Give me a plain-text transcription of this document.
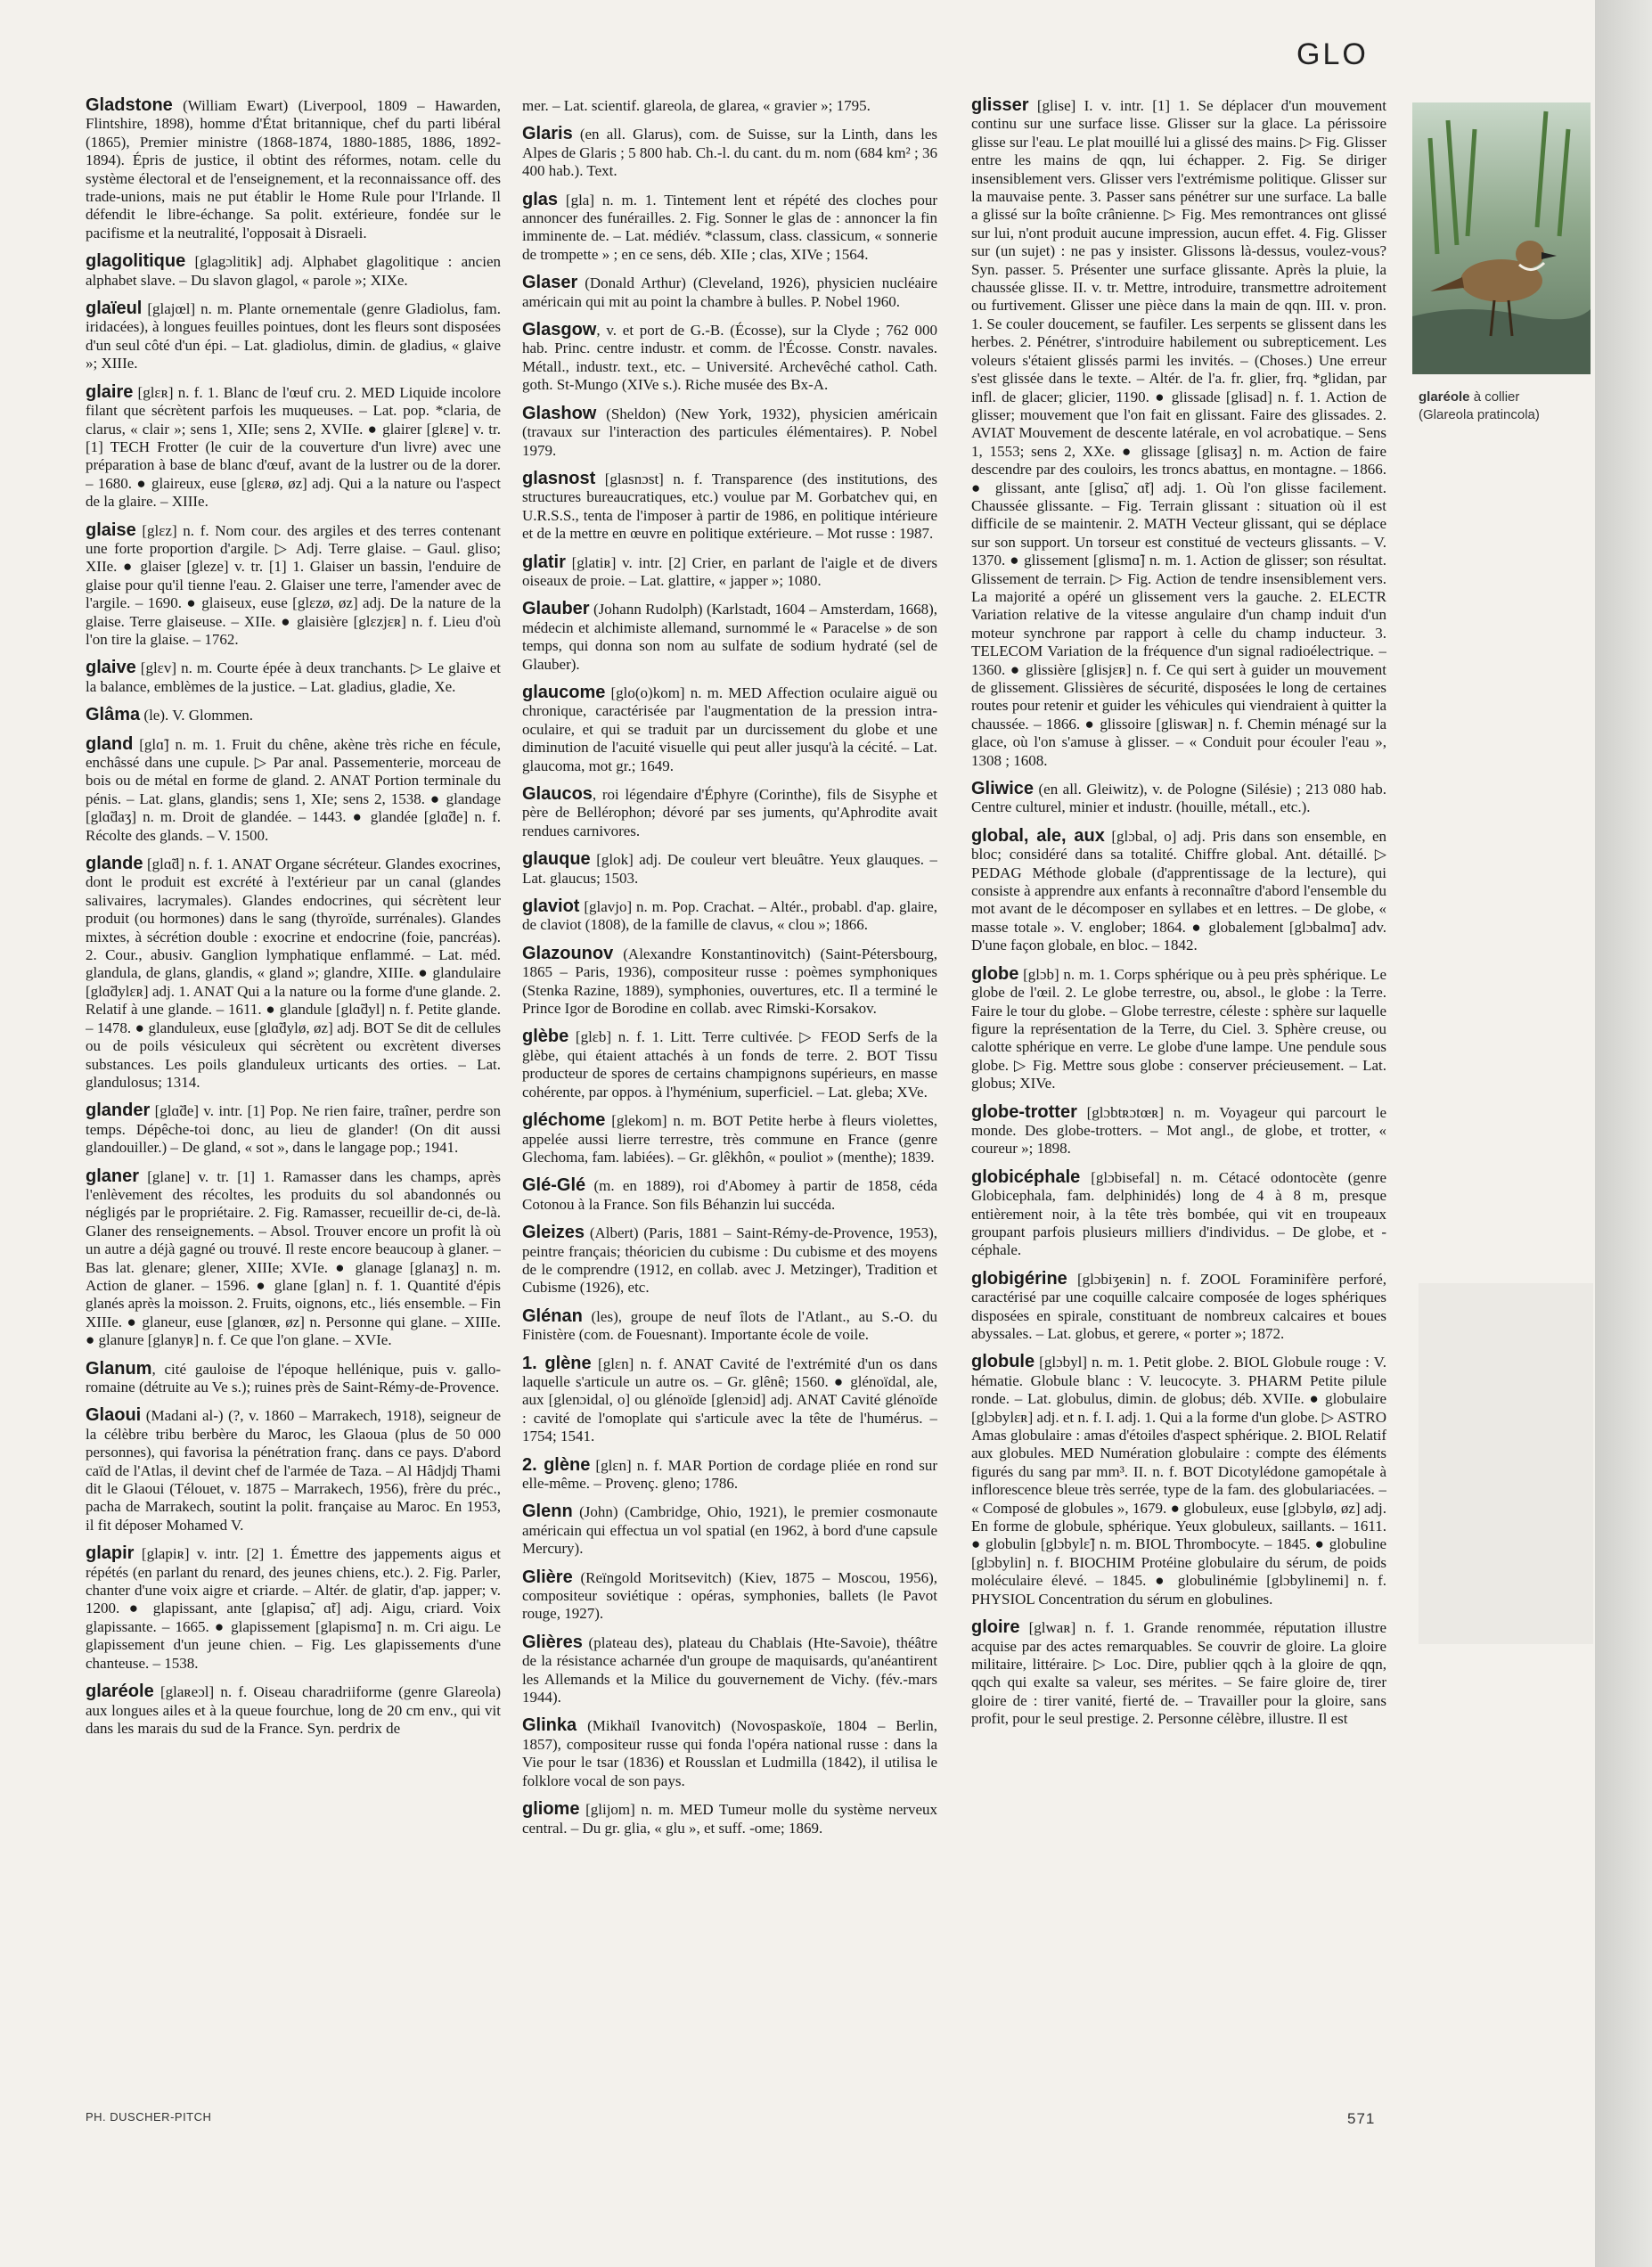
GLO

Gladstone (William Ewart) (Liverpool, 1809 – Hawarden, Flintshire, 1898), homme d'État britannique, chef du parti libéral (1865), Premier ministre (1868-1874, 1880-1885, 1886, 1892-1894). Épris de justice, il obtint des réformes, notam. celle du système électoral et de l'enseignement, et la reconnaissance off. des trade-unions, mais ne put établir le Home Rule pour l'Irlande. Il défendit le libre-échange. Sa polit. extérieure, fondée sur le pacifisme et la neutralité, l'opposait à Disraeli.

glagolitique [glagɔlitik] adj. Alphabet glagolitique : ancien alphabet slave. – Du slavon glagol, « parole »; XIXe.

glaïeul [glajœl] n. m. Plante ornementale (genre Gladiolus, fam. iridacées), à longues feuilles pointues, dont les fleurs sont disposées d'un seul côté d'un épi. – Lat. gladiolus, dimin. de gladius, « glaive »; XIIIe.

glaire [glɛʀ] n. f. 1. Blanc de l'œuf cru. 2. MED Liquide incolore filant que sécrètent parfois les muqueuses. – Lat. pop. *claria, de clarus, « clair »; sens 1, XIIe; sens 2, XVIIe. ● glairer [glɛʀe] v. tr. [1] TECH Frotter (le cuir de la couverture d'un livre) avec une préparation à base de blanc d'œuf, avant de la lustrer ou de la dorer. – 1680. ● glaireux, euse [glɛʀø, øz] adj. Qui a la nature ou l'aspect de la glaire. – XIIIe.

glaise [glɛz] n. f. Nom cour. des argiles et des terres contenant une forte proportion d'argile. ▷ Adj. Terre glaise. – Gaul. gliso; XIIe. ● glaiser [gleze] v. tr. [1] 1. Glaiser un bassin, l'enduire de glaise pour qu'il tienne l'eau. 2. Glaiser une terre, l'amender avec de l'argile. – 1690. ● glaiseux, euse [glɛzø, øz] adj. De la nature de la glaise. Terre glaiseuse. – XIIe. ● glaisière [glɛzjɛʀ] n. f. Lieu d'où l'on tire la glaise. – 1762.

glaive [glɛv] n. m. Courte épée à deux tranchants. ▷ Le glaive et la balance, emblèmes de la justice. – Lat. gladius, gladie, Xe.

Glâma (le). V. Glommen.

gland [glɑ̃] n. m. 1. Fruit du chêne, akène très riche en fécule, enchâssé dans une cupule. ▷ Par anal. Passementerie, morceau de bois ou de métal en forme de gland. 2. ANAT Portion terminale du pénis. – Lat. glans, glandis; sens 1, XIe; sens 2, 1538. ● glandage [glɑ̃daʒ] n. m. Droit de glandée. – 1443. ● glandée [glɑ̃de] n. f. Récolte des glands. – V. 1500.

glande [glɑ̃d] n. f. 1. ANAT Organe sécréteur. Glandes exocrines, dont le produit est excrété à l'extérieur par un canal (glandes salivaires, lacrymales). Glandes endocrines, qui sécrètent leur produit (ou hormones) dans le sang (thyroïde, surrénales). Glandes mixtes, à sécrétion double : exocrine et endocrine (foie, pancréas). 2. Cour., abusiv. Ganglion lymphatique enflammé. – Lat. méd. glandula, de glans, glandis, « gland »; glandre, XIIIe. ● glandulaire [glɑ̃dylɛʀ] adj. 1. ANAT Qui a la nature ou la forme d'une glande. 2. Relatif à une glande. – 1611. ● glandule [glɑ̃dyl] n. f. Petite glande. – 1478. ● glanduleux, euse [glɑ̃dylø, øz] adj. BOT Se dit de cellules ou de poils vésiculeux qui sécrètent ou excrètent diverses substances. Les poils glanduleux urticants des orties. – Lat. glandulosus; 1314.

glander [glɑ̃de] v. intr. [1] Pop. Ne rien faire, traîner, perdre son temps. Dépêche-toi donc, au lieu de glander! (On dit aussi glandouiller.) – De gland, « sot », dans le langage pop.; 1941.

glaner [glane] v. tr. [1] 1. Ramasser dans les champs, après l'enlèvement des récoltes, les produits du sol abandonnés ou négligés par le propriétaire. 2. Fig. Ramasser, recueillir de-ci, de-là. Glaner des renseignements. – Absol. Trouver encore un profit là où un autre a déjà gagné ou trouvé. Il reste encore beaucoup à glaner. – Bas lat. glenare; glener, XIIIe; XVIe. ● glanage [glanaʒ] n. m. Action de glaner. – 1596. ● glane [glan] n. f. 1. Quantité d'épis glanés après la moisson. 2. Fruits, oignons, etc., liés ensemble. – Fin XIIIe. ● glaneur, euse [glanœʀ, øz] n. Personne qui glane. – XIIIe. ● glanure [glanyʀ] n. f. Ce que l'on glane. – XVIe.

Glanum, cité gauloise de l'époque hellénique, puis v. gallo-romaine (détruite au Ve s.); ruines près de Saint-Rémy-de-Provence.

Glaoui (Madani al-) (?, v. 1860 – Marrakech, 1918), seigneur de la célèbre tribu berbère du Maroc, les Glaoua (plus de 50 000 personnes), qui favorisa la pénétration franç. dans ce pays. D'abord caïd de l'Atlas, il devint chef de l'armée de Taza. – Al Hâdjdj Thami dit le Glaoui (Télouet, v. 1875 – Marrakech, 1956), frère du préc., pacha de Marrakech, soutint la polit. française au Maroc. En 1953, il fit déposer Mohamed V.

glapir [glapiʀ] v. intr. [2] 1. Émettre des jappements aigus et répétés (en parlant du renard, des jeunes chiens, etc.). 2. Fig. Parler, chanter d'une voix aigre et criarde. – Altér. de glatir, d'ap. japper; v. 1200. ● glapissant, ante [glapisɑ̃, ɑ̃t] adj. Aigu, criard. Voix glapissante. – 1665. ● glapissement [glapismɑ̃] n. m. Cri aigu. Le glapissement d'un jeune chien. – Fig. Les glapissements d'une chanteuse. – 1538.

glaréole [glaʀeɔl] n. f. Oiseau charadriiforme (genre Glareola) aux longues ailes et à la queue fourchue, long de 20 cm env., qui vit dans les marais du sud de la France. Syn. perdrix de

mer. – Lat. scientif. glareola, de glarea, « gravier »; 1795.

Glaris (en all. Glarus), com. de Suisse, sur la Linth, dans les Alpes de Glaris ; 5 800 hab. Ch.-l. du cant. du m. nom (684 km² ; 36 400 hab.). Text.

glas [gla] n. m. 1. Tintement lent et répété des cloches pour annoncer des funérailles. 2. Fig. Sonner le glas de : annoncer la fin imminente de. – Lat. médiév. *classum, class. classicum, « sonnerie de trompette » ; en ce sens, déb. XIIe ; clas, XIVe ; 1564.

Glaser (Donald Arthur) (Cleveland, 1926), physicien nucléaire américain qui mit au point la chambre à bulles. P. Nobel 1960.

Glasgow, v. et port de G.-B. (Écosse), sur la Clyde ; 762 000 hab. Princ. centre industr. et comm. de l'Écosse. Constr. navales. Métall., industr. text., etc. – Université. Archevêché cathol. Cath. goth. St-Mungo (XIVe s.). Riche musée des Bx-A.

Glashow (Sheldon) (New York, 1932), physicien américain (travaux sur l'interaction des particules élémentaires). P. Nobel 1979.

glasnost [glasnɔst] n. f. Transparence (des institutions, des structures bureaucratiques, etc.) voulue par M. Gorbatchev qui, en U.R.S.S., tenta de l'imposer à partir de 1986, en politique intérieure et de la mettre en œuvre en politique extérieure. – Mot russe : 1987.

glatir [glatiʀ] v. intr. [2] Crier, en parlant de l'aigle et de divers oiseaux de proie. – Lat. glattire, « japper »; 1080.

Glauber (Johann Rudolph) (Karlstadt, 1604 – Amsterdam, 1668), médecin et alchimiste allemand, surnommé le « Paracelse » de son temps, qui donna son nom au sulfate de sodium hydraté (sel de Glauber).

glaucome [glo(o)kom] n. m. MED Affection oculaire aiguë ou chronique, caractérisée par l'augmentation de la pression intra-oculaire, et qui se traduit par un durcissement du globe et une diminution de l'acuité visuelle qui peut aller jusqu'à la cécité. – Lat. glaucoma, mot gr.; 1649.

Glaucos, roi légendaire d'Éphyre (Corinthe), fils de Sisyphe et père de Bellérophon; dévoré par ses juments, qu'Aphrodite avait rendues carnivores.

glauque [glok] adj. De couleur vert bleuâtre. Yeux glauques. – Lat. glaucus; 1503.

glaviot [glavjo] n. m. Pop. Crachat. – Altér., probabl. d'ap. glaire, de claviot (1808), de la famille de clavus, « clou »; 1866.

Glazounov (Alexandre Konstantinovitch) (Saint-Pétersbourg, 1865 – Paris, 1936), compositeur russe : poèmes symphoniques (Stenka Razine, 1889), symphonies, ouvertures, etc. Il a terminé le Prince Igor de Borodine en collab. avec Rimski-Korsakov.

glèbe [glɛb] n. f. 1. Litt. Terre cultivée. ▷ FEOD Serfs de la glèbe, qui étaient attachés à un fonds de terre. 2. BOT Tissu producteur de spores de certains champignons supérieurs, en masse cohérente, par oppos. à l'hyménium, superficiel. – Lat. gleba; XVe.

gléchome [glekom] n. m. BOT Petite herbe à fleurs violettes, appelée aussi lierre terrestre, très commune en France (genre Glechoma, fam. labiées). – Gr. glêkhôn, « pouliot » (menthe); 1839.

Glé-Glé (m. en 1889), roi d'Abomey à partir de 1858, céda Cotonou à la France. Son fils Béhanzin lui succéda.

Gleizes (Albert) (Paris, 1881 – Saint-Rémy-de-Provence, 1953), peintre français; théoricien du cubisme : Du cubisme et des moyens de le comprendre (1912, en collab. avec J. Metzinger), Tradition et Cubisme (1926), etc.

Glénan (les), groupe de neuf îlots de l'Atlant., au S.-O. du Finistère (com. de Fouesnant). Importante école de voile.

1. glène [glɛn] n. f. ANAT Cavité de l'extrémité d'un os dans laquelle s'articule un autre os. – Gr. glênê; 1560. ● glénoïdal, ale, aux [glenɔidal, o] ou glénoïde [glenɔid] adj. ANAT Cavité glénoïde : cavité de l'omoplate qui s'articule avec la tête de l'humérus. – 1754; 1541.

2. glène [glɛn] n. f. MAR Portion de cordage pliée en rond sur elle-même. – Provenç. gleno; 1786.

Glenn (John) (Cambridge, Ohio, 1921), le premier cosmonaute américain qui effectua un vol spatial (en 1962, à bord d'une capsule Mercury).

Glière (Reïngold Moritsevitch) (Kiev, 1875 – Moscou, 1956), compositeur soviétique : opéras, symphonies, ballets (le Pavot rouge, 1927).

Glières (plateau des), plateau du Chablais (Hte-Savoie), théâtre de la résistance acharnée d'un groupe de maquisards, qu'anéantirent les Allemands et la Milice du gouvernement de Vichy. (fév.-mars 1944).

Glinka (Mikhaïl Ivanovitch) (Novospaskoïe, 1804 – Berlin, 1857), compositeur russe qui fonda l'opéra national russe : dans la Vie pour le tsar (1836) et Rousslan et Ludmilla (1842), il utilisa le folklore vocal de son pays.

gliome [glijom] n. m. MED Tumeur molle du système nerveux central. – Du gr. glia, « glu », et suff. -ome; 1869.

glisser [glise] I. v. intr. [1] 1. Se déplacer d'un mouvement continu sur une surface lisse. Glisser sur la glace. La périssoire glisse sur l'eau. Le plat mouillé lui a glissé des mains. ▷ Fig. Glisser entre les mains de qqn, lui échapper. 2. Fig. Se diriger insensiblement vers. Glisser vers l'extrémisme politique. Glisser sur la mauvaise pente. 3. Passer sans pénétrer sur une surface. La balle a glissé sur la boîte crânienne. ▷ Fig. Mes remontrances ont glissé sur lui, n'ont produit aucune impression, aucun effet. 4. Fig. Glisser sur (un sujet) : ne pas y insister. Glissons là-dessus, voulez-vous? Syn. passer. 5. Présenter une surface glissante. Après la pluie, la chaussée glisse. II. v. tr. Mettre, introduire, transmettre adroitement ou furtivement. Glisser une pièce dans la main de qqn. III. v. pron. 1. Se couler doucement, se faufiler. Les serpents se glissent dans les herbes. 2. Pénétrer, s'introduire habilement ou subrepticement. Les voleurs s'étaient glissés parmi les invités. – (Choses.) Une erreur s'est glissée dans le texte. – Altér. de l'a. fr. glier, frq. *glidan, par infl. de glacer; glicier, 1190. ● glissade [glisad] n. f. 1. Action de glisser; mouvement que l'on fait en glissant. Faire des glissades. 2. AVIAT Mouvement de descente latérale, en vol acrobatique. – Sens 1, 1553; sens 2, XXe. ● glissage [glisaʒ] n. m. Action de faire descendre par des couloirs, les troncs abattus, en montagne. – 1866. ● glissant, ante [glisɑ̃, ɑ̃t] adj. 1. Où l'on glisse facilement. Chaussée glissante. – Fig. Terrain glissant : situation où il est difficile de se maintenir. 2. MATH Vecteur glissant, qui se déplace sur son support. Un torseur est constitué de vecteurs glissants. – V. 1370. ● glissement [glismɑ̃] n. m. 1. Action de glisser; son résultat. Glissement de terrain. ▷ Fig. Action de tendre insensiblement vers. La majorité a opéré un glissement vers la gauche. 2. ELECTR Variation relative de la vitesse angulaire d'un champ induit d'un moteur synchrone par rapport à celle du champ inducteur. 3. TELECOM Variation de la fréquence d'un signal radioélectrique. – 1360. ● glissière [glisjɛʀ] n. f. Ce qui sert à guider un mouvement de glissement. Glissières de sécurité, disposées le long de certaines routes pour retenir et guider les véhicules qui viendraient à quitter la chaussée. – 1866. ● glissoire [gliswaʀ] n. f. Chemin ménagé sur la glace, où l'on s'amuse à glisser. – « Conduit pour écouler l'eau », 1308 ; 1608.

Gliwice (en all. Gleiwitz), v. de Pologne (Silésie) ; 213 080 hab. Centre culturel, minier et industr. (houille, métall., etc.).

global, ale, aux [glɔbal, o] adj. Pris dans son ensemble, en bloc; considéré dans sa totalité. Chiffre global. Ant. détaillé. ▷ PEDAG Méthode globale (d'apprentissage de la lecture), qui consiste à apprendre aux enfants à reconnaître d'abord l'ensemble du mot avant de le décomposer en syllabes et en lettres. – De globe, « masse totale ». V. englober; 1864. ● globalement [glɔbalmɑ̃] adv. D'une façon globale, en bloc. – 1842.

globe [glɔb] n. m. 1. Corps sphérique ou à peu près sphérique. Le globe de l'œil. 2. Le globe terrestre, ou, absol., le globe : la Terre. Faire le tour du globe. – Globe terrestre, céleste : sphère sur laquelle figure la représentation de la Terre, du Ciel. 3. Sphère creuse, ou calotte sphérique en verre. Le globe d'une lampe. Une pendule sous globe. ▷ Fig. Mettre sous globe : conserver précieusement. – Lat. globus; XIVe.

globe-trotter [glɔbtʀɔtœʀ] n. m. Voyageur qui parcourt le monde. Des globe-trotters. – Mot angl., de globe, et trotter, « coureur »; 1898.

globicéphale [glɔbisefal] n. m. Cétacé odontocète (genre Globicephala, fam. delphinidés) long de 4 à 8 m, presque entièrement noir, à la tête très bombée, qui vit en troupeaux groupant parfois plusieurs milliers d'individus. – De globe, et -céphale.

globigérine [glɔbiʒeʀin] n. f. ZOOL Foraminifère perforé, caractérisé par une coquille calcaire composée de loges sphériques disposées en spirale, constituant de nombreux calcaires et boues abyssales. – Lat. globus, et gerere, « porter »; 1872.

globule [glɔbyl] n. m. 1. Petit globe. 2. BIOL Globule rouge : V. hématie. Globule blanc : V. leucocyte. 3. PHARM Petite pilule ronde. – Lat. globulus, dimin. de globus; déb. XVIIe. ● globulaire [glɔbylɛʀ] adj. et n. f. I. adj. 1. Qui a la forme d'un globe. ▷ ASTRO Amas globulaire : amas d'étoiles d'aspect sphérique. 2. BIOL Relatif aux globules. MED Numération globulaire : compte des éléments figurés du sang par mm³. II. n. f. BOT Dicotylédone gamopétale à inflorescence bleue très serrée, type de la fam. des globulariacées. – « Composé de globules », 1679. ● globuleux, euse [glɔbylø, øz] adj. En forme de globule, sphérique. Yeux globuleux, saillants. – 1611. ● globulin [glɔbylɛ̃] n. m. BIOL Thrombocyte. – 1845. ● globuline [glɔbylin] n. f. BIOCHIM Protéine globulaire du sérum, de poids moléculaire élevé. – 1845. ● globulinémie [glɔbylinemi] n. f. PHYSIOL Concentration du sérum en globulines.

gloire [glwaʀ] n. f. 1. Grande renommée, réputation illustre acquise par des actes remarquables. Se couvrir de gloire. La gloire militaire, littéraire. ▷ Loc. Dire, publier qqch à la gloire de qqn, qqch qui exalte sa valeur, ses mérites. – Se faire gloire de, tirer gloire de : tirer vanité, fierté de. – Travailler pour la gloire, sans profit, pour le seul prestige. 2. Personne célèbre, illustre. Il est

glaréole à collier
(Glareola pratincola)
PH. DUSCHER-PITCH	571
